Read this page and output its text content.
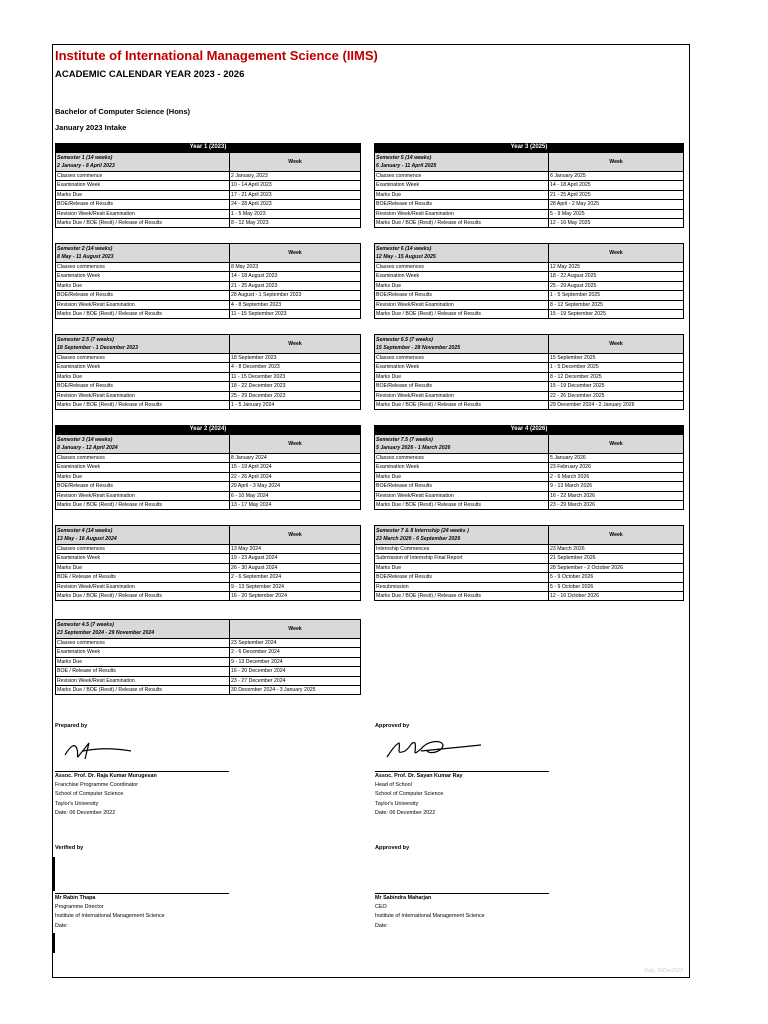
Institute of International Management Science (IIMS)
ACADEMIC CALENDAR YEAR 2023 - 2026
Bachelor of Computer Science (Hons)
January 2023 Intake
Year 1 (2023)	Year 3 (2025)
Year 2 (2024)	Year 4 (2026)
Semester 1 (14 weeks)
2 January - 8 April 2023	Week
Classes commence	2 January, 2023
Examination Week	10 - 14 April 2023
Marks Due	17 - 21 April 2023
BOE/Release of Results	24 - 28 April 2023
Revision Week/Resit Examination	1 - 5 May 2023
Marks Due / BOE (Resit) / Release of Results	8 - 12 May 2023
Semester 2 (14 weeks)
8 May - 11 August 2023	Week
Classes commences	8 May 2023
Examination Week	14 - 18 August 2023
Marks Due	21 - 25 August 2023
BOE/Release of Results	28 August - 1 September 2023
Revision Week/Resit Examination	4 - 8 September 2023
Marks Due / BOE (Resit) / Release of Results	11 - 15 September 2023
Semester 2.5 (7 weeks)
18 September - 1 December 2023	Week
Classes commences	18 September 2023
Examination Week	4 - 8 December 2023
Marks Due	11 - 15 December 2023
BOE/Release of Results	18 - 22 December 2023
Revision Week/Resit Examination	25 - 29 December 2023
Marks Due / BOE (Resit) / Release of Results	1 - 5 January 2024
Semester 3 (14 weeks)
8 January - 12 April 2024	Week
Classes commences	8 January 2024
Examination Week	15 - 19 April 2024
Marks Due	22 - 26 April 2024
BOE/Release of Results	29 April - 3 May 2024
Revision Week/Resit Examination	6 - 10 May 2024
Marks Due / BOE (Resit) / Release of Results	13 - 17 May 2024
Semester 4 (14 weeks)
13 May - 16 August 2024	Week
Classes commences	13 May 2024
Examination Week	19 - 23 August 2024
Marks Due	26 - 30 August 2024
BOE / Release of Results	2 - 6 September 2024
Revision Week/Resit Examination	9 - 13 September 2024
Marks Due / BOE (Resit) / Release of Results	16 - 20 September 2024
Semester 4.5 (7 weeks)
23 September 2024 - 29 November 2024	Week
Classes commences	23 September 2024
Examination Week	2 - 6 December 2024
Marks Due	9 - 13 December 2024
BOE / Release of Results	16 - 20 December 2024
Revision Week/Resit Examination	23 - 27 December 2024
Marks Due / BOE (Resit) / Release of Results	30 December 2024 - 3 January 2025
Semester 5 (14 weeks)
6 January - 11 April 2025	Week
Classes commence	6 January 2025
Examination Week	14 - 18 April 2025
Marks Due	21 - 25 April 2025
BOE/Release of Results	28 April - 2 May 2025
Revision Week/Resit Examination	5 - 9 May 2025
Marks Due / BOE (Resit) / Release of Results	12 - 16 May 2025
Semester 6 (14 weeks)
12 May - 15 August 2025	Week
Classes commences	12 May 2025
Examination Week	18 - 22 August 2025
Marks Due	25 - 29 August 2025
BOE/Release of Results	1 - 5 September 2025
Revision Week/Resit Examination	8 - 12 September 2025
Marks Due / BOE (Resit) / Release of Results	15 - 19 September 2025
Semester 6.5 (7 weeks)
15 September - 28 November 2025	Week
Classes commences	15 September 2025
Examination Week	1 - 5 December 2025
Marks Due	8 - 12 December 2025
BOE/Release of Results	15 - 19 December 2025
Revision Week/Resit Examination	22 - 26 December 2025
Marks Due / BOE (Resit) / Release of Results	29 December 2024 - 2 January 2026
Semester 7.5 (7 weeks)
5 January 2026 - 1 March 2026	Week
Classes commences	5 January 2026
Examination Week	23 February 2026
Marks Due	2 - 6 March 2026
BOE/Release of Results	9 - 13 March 2026
Revision Week/Resit Examination	16 - 22 March 2026
Marks Due / BOE (Resit) / Release of Results	23 - 29 March 2026
Semester 7 & 8 Internship (24 weeks )
23 March 2026 - 6 September 2026	Week
Internship Commences	23 March 2026
Submission of Internship Final Report	21 September 2026
Marks Due	28 September - 2 October 2026
BOE/Release of Results	5 - 9 October 2026
Resubmission	5 - 9 October 2026
Marks Due / BOE (Resit) / Release of Results	12 - 16 October 2026
Prepared by
Assoc. Prof. Dr. Raja Kumar Murugesan
Franchise Programme Coordinator
School of Computer Science
Taylor's University
Date: 06 December 2022
Approved by
Assoc. Prof. Dr. Sayan Kumar Ray
Head of School
School of Computer Science
Taylor's University
Date: 06 December 2022
Verified by
Mr Rabin Thapa
Programme Director
Institute of International Management Science
Date:
Approved by
Mr Sabindra Maharjan
CEO
Institute of International Management Science
Date:
Raja_06Dec2022
